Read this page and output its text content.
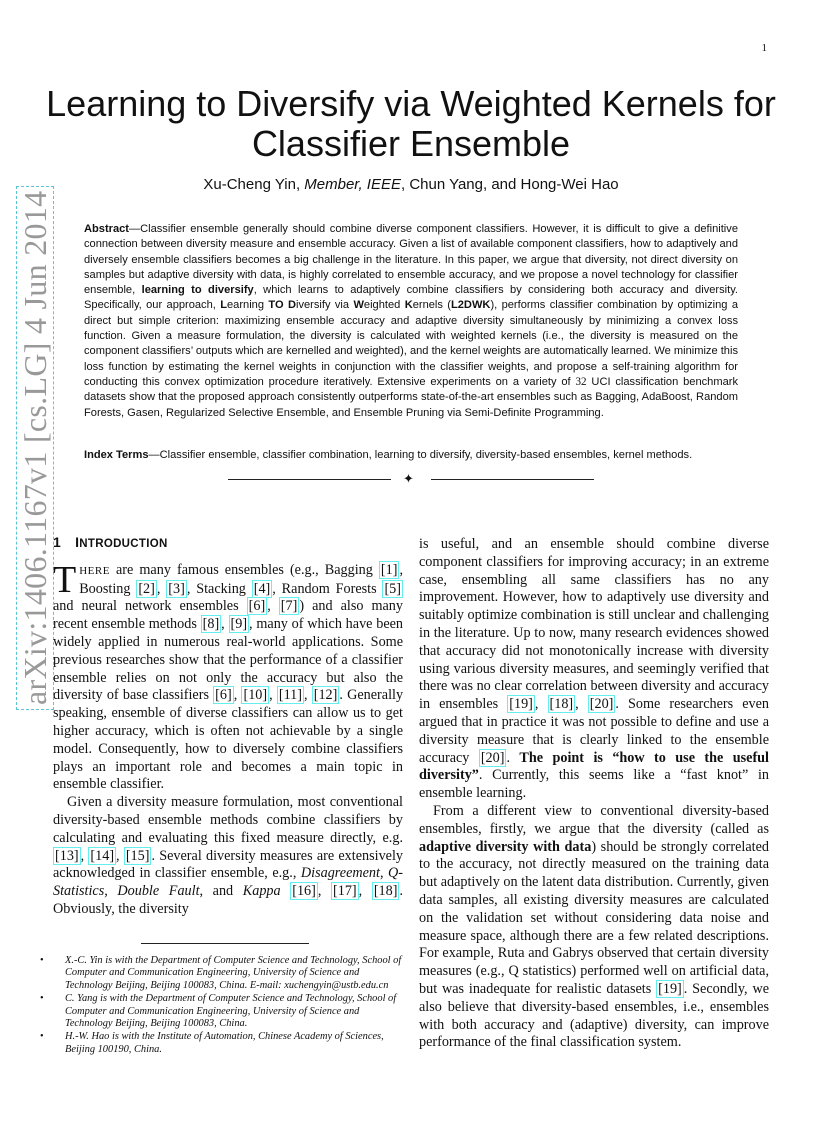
1
Learning to Diversify via Weighted Kernels for Classifier Ensemble
Xu-Cheng Yin, Member, IEEE, Chun Yang, and Hong-Wei Hao

Abstract—Classifier ensemble generally should combine diverse component classifiers. However, it is difficult to give a definitive connection between diversity measure and ensemble accuracy. Given a list of available component classifiers, how to adaptively and diversely ensemble classifiers becomes a big challenge in the literature. In this paper, we argue that diversity, not direct diversity on samples but adaptive diversity with data, is highly correlated to ensemble accuracy, and we propose a novel technology for classifier ensemble, learning to diversify, which learns to adaptively combine classifiers by considering both accuracy and diversity. Specifically, our approach, Learning TO Diversify via Weighted Kernels (L2DWK), performs classifier combination by optimizing a direct but simple criterion: maximizing ensemble accuracy and adaptive diversity simultaneously by minimizing a convex loss function. Given a measure formulation, the diversity is calculated with weighted kernels (i.e., the diversity is measured on the component classifiers’ outputs which are kernelled and weighted), and the kernel weights are automatically learned. We minimize this loss function by estimating the kernel weights in conjunction with the classifier weights, and propose a self-training algorithm for conducting this convex optimization procedure iteratively. Extensive experiments on a variety of 32 UCI classification benchmark datasets show that the proposed approach consistently outperforms state-of-the-art ensembles such as Bagging, AdaBoost, Random Forests, Gasen, Regularized Selective Ensemble, and Ensemble Pruning via Semi-Definite Programming.

Index Terms—Classifier ensemble, classifier combination, learning to diversify, diversity-based ensembles, kernel methods.

✦
arXiv:1406.1167v1 [cs.LG] 4 Jun 2014 1 INTRODUCTION

THERE are many famous ensembles (e.g., Bagging [1] , Boosting [2] , [3] , Stacking [4] , Random Forests [5] and neural network ensembles [6] , [7] ) and also many recent ensemble methods [8] , [9] , many of which have been widely applied in numerous real-world applications. Some previous researches show that the performance of a classifier ensemble relies on not only the accuracy but also the diversity of base classifiers [6] , [10] , [11] , [12] . Generally speaking, ensemble of diverse classifiers can allow us to get higher accuracy, which is often not achievable by a single model. Consequently, how to diversely combine classifiers plays an important role and becomes a main topic in ensemble classifier.

Given a diversity measure formulation, most conventional diversity-based ensemble methods combine classifiers by calculating and evaluating this fixed measure directly, e.g. [13] , [14] , [15] . Several diversity measures are extensively acknowledged in classifier ensemble, e.g., Disagreement, Q-Statistics, Double Fault, and Kappa [16] , [17] , [18] . Obviously, the diversity

• X.-C. Yin is with the Department of Computer Science and Technology, School of Computer and Communication Engineering, University of Science and Technology Beijing, Beijing 100083, China. E-mail: xuchengyin@ustb.edu.cn
• C. Yang is with the Department of Computer Science and Technology, School of Computer and Communication Engineering, University of Science and Technology Beijing, Beijing 100083, China.
• H.-W. Hao is with the Institute of Automation, Chinese Academy of Sciences, Beijing 100190, China.

is useful, and an ensemble should combine diverse component classifiers for improving accuracy; in an extreme case, ensembling all same classifiers has no any improvement. However, how to adaptively use diversity and suitably optimize combination is still unclear and challenging in the literature. Up to now, many research evidences showed that accuracy did not monotonically increase with diversity using various diversity measures, and seemingly verified that there was no clear correlation between diversity and accuracy in ensembles [19] , [18] , [20] . Some researchers even argued that in practice it was not possible to define and use a diversity measure that is clearly linked to the ensemble accuracy [20] . The point is “how to use the useful diversity”. Currently, this seems like a “fast knot” in ensemble learning.

From a different view to conventional diversity-based ensembles, firstly, we argue that the diversity (called as adaptive diversity with data) should be strongly correlated to the accuracy, not directly measured on the training data but adaptively on the latent data distribution. Currently, given data samples, all existing diversity measures are calculated on the validation set without considering data noise and measure space, although there are a few related descriptions. For example, Ruta and Gabrys observed that certain diversity measures (e.g., Q statistics) performed well on artificial data, but was inadequate for realistic datasets [19] . Secondly, we also believe that diversity-based ensembles, i.e., ensembles with both accuracy and (adaptive) diversity, can improve performance of the final classification system.
